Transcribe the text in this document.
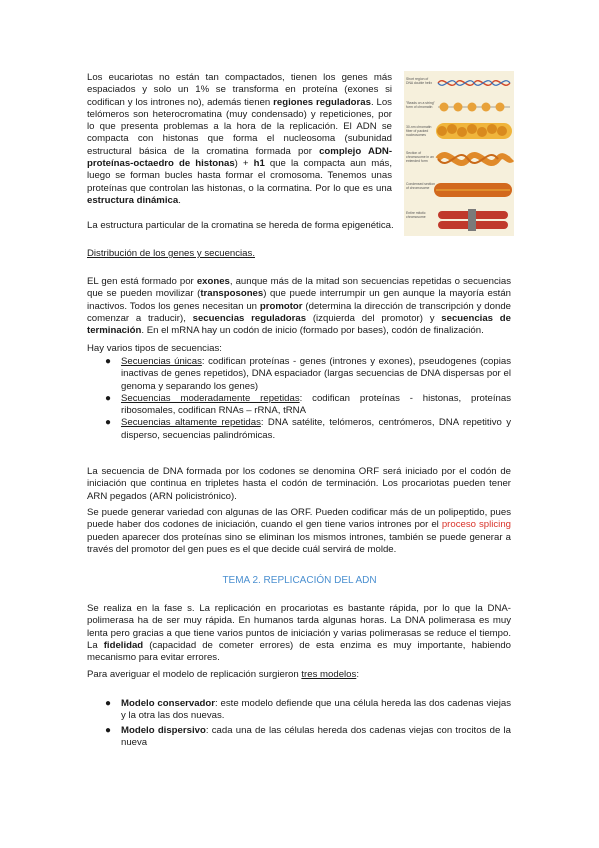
Los eucariotas no están tan compactados, tienen los genes más espaciados y solo un 1% se transforma en proteína (exones si codifican y los intrones no), además tienen regiones reguladoras. Los telómeros son heterocromatina (muy condensado) y repeticiones, por lo que presenta problemas a la hora de la replicación. El ADN se compacta con histonas que forma el nucleosoma (subunidad estructural básica de la cromatina formada por complejo ADN-proteínas-octaedro de histonas) + h1 que la compacta aun más, luego se forman bucles hasta formar el cromosoma. Tenemos unas proteínas que controlan las histonas, o la cormatina. Por lo que es una estructura dinámica.

Short region of DNA double helix
"Beads on a string" form of chromatin
30-nm chromatin fiber of packed nucleosomes
Section of chromosome in an extended form
Condensed section of chromosome
Entire mitotic chromosome

La estructura particular de la cromatina se hereda de forma epigenética.

Distribución de los genes y secuencias.

EL gen está formado por exones, aunque más de la mitad son secuencias repetidas o secuencias que se pueden movilizar (transposones) que puede interrumpir un gen aunque la mayoría están inactivos. Todos los genes necesitan un promotor (determina la dirección de transcripción y donde comenzar a traducir), secuencias reguladoras (izquierda del promotor) y secuencias de terminación. En el mRNA hay un codón de inicio (formado por bases), codón de finalización.

Hay varios tipos de secuencias:

● Secuencias únicas: codifican proteínas - genes (intrones y exones), pseudogenes (copias inactivas de genes repetidos), DNA espaciador (largas secuencias de DNA dispersas por el genoma y separando los genes)
● Secuencias moderadamente repetidas: codifican proteínas - histonas, proteínas ribosomales, codifican RNAs – rRNA, tRNA
● Secuencias altamente repetidas: DNA satélite, telómeros, centrómeros, DNA repetitivo y disperso, secuencias palindrómicas.

La secuencia de DNA formada por los codones se denomina ORF será iniciado por el codón de iniciación que continua en tripletes hasta el codón de terminación. Los procariotas pueden tener ARN pegados (ARN policistrónico).

Se puede generar variedad con algunas de las ORF. Pueden codificar más de un polipeptido, pues puede haber dos codones de iniciación, cuando el gen tiene varios intrones por el proceso splicing pueden aparecer dos proteínas sino se eliminan los mismos intrones, también se puede generar a través del promotor del gen pues es el que decide cuál servirá de molde.

TEMA 2. REPLICACIÓN DEL ADN

Se realiza en la fase s. La replicación en procariotas es bastante rápida, por lo que la DNA-polimerasa ha de ser muy rápida. En humanos tarda algunas horas. La DNA polimerasa es muy lenta pero gracias a que tiene varios puntos de iniciación y varias polimerasas se reduce el tiempo. La fidelidad (capacidad de cometer errores) de esta enzima es muy importante, habiendo mecanismo para evitar errores.

Para averiguar el modelo de replicación surgieron tres modelos:

● Modelo conservador: este modelo defiende que una célula hereda las dos cadenas viejas y la otra las dos nuevas.
● Modelo dispersivo: cada una de las células hereda dos cadenas viejas con trocitos de la nueva
